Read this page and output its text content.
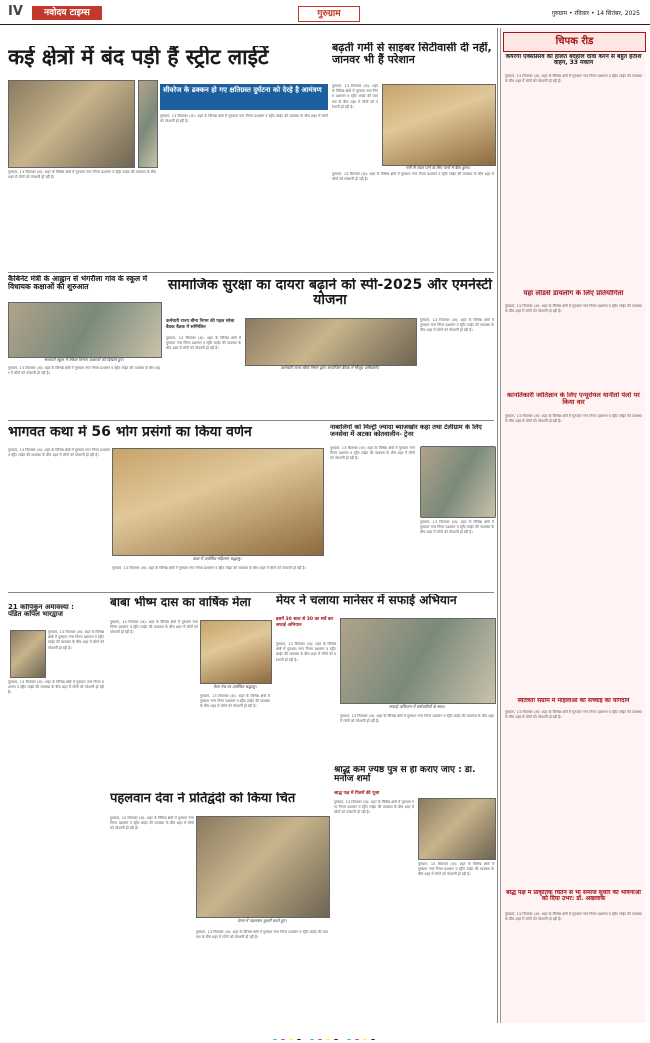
IV	नवोदय टाइम्स	गुरुग्राम	गुरुग्राम • रविवार • 14 सितंबर, 2025
कई क्षेत्रों में बंद पड़ी हैं स्ट्रीट लाईटें
गुरुग्राम, 13 सितम्बर (अ): शहर के विभिन्न क्षेत्रों में गुरुग्राम नगर निगम प्रशासन व स्ट्रीट लाईट की व्यवस्था के बीच शहर में लोगों को परेशानी हो रही है।
सीवरेज के ढक्कन हो गए क्षतिग्रस्त दुर्घटना को देरहे है आमंत्रण
गुरुग्राम, 13 सितम्बर (अ): शहर के विभिन्न क्षेत्रों में गुरुग्राम नगर निगम प्रशासन व स्ट्रीट लाईट की व्यवस्था के बीच शहर में लोगों को परेशानी हो रही है।
बढ़ती गर्मी से साइबर सिटीवासी दी नहीं, जानवर भी हैं परेशान
गुरुग्राम, 13 सितम्बर (अ): शहर के विभिन्न क्षेत्रों में गुरुग्राम नगर निगम प्रशासन व स्ट्रीट लाईट की व्यवस्था के बीच शहर में लोगों को परेशानी हो रही है।
गर्मी से राहत पाने के लिए पानी में बैठा कुत्ता।
गुरुग्राम, 13 सितम्बर (अ): शहर के विभिन्न क्षेत्रों में गुरुग्राम नगर निगम प्रशासन व स्ट्रीट लाईट की व्यवस्था के बीच शहर में लोगों को परेशानी हो रही है।
कैबिनेट मंत्री के आह्वान से भंगरौला गांव के स्कूल में विधायक कक्षाओं की शुरुआत
सरकारी स्कूल में स्किल विभाग कक्षाओं को दिखाते हुए।
गुरुग्राम, 13 सितम्बर (अ): शहर के विभिन्न क्षेत्रों में गुरुग्राम नगर निगम प्रशासन व स्ट्रीट लाईट की व्यवस्था के बीच शहर में लोगों को परेशानी हो रही है।
सामाजिक सुरक्षा का दायरा बढ़ाने को स्पी-2025 और एमनेस्टी योजना
कर्मचारी राज्य बीमा निगम की पहल सोसा बैठक बैठक में सम्मिलित
गुरुग्राम, 13 सितम्बर (अ): शहर के विभिन्न क्षेत्रों में गुरुग्राम नगर निगम प्रशासन व स्ट्रीट लाईट की व्यवस्था के बीच शहर में लोगों को परेशानी हो रही है।
कर्मचारी राज्य बीमा निगम द्वारा आयोजित बैठक में मौजूद अधिकारी।
गुरुग्राम, 13 सितम्बर (अ): शहर के विभिन्न क्षेत्रों में गुरुग्राम नगर निगम प्रशासन व स्ट्रीट लाईट की व्यवस्था के बीच शहर में लोगों को परेशानी हो रही है।
भागवत कथा में 56 भोग प्रसंगों का किया वर्णन
गुरुग्राम, 13 सितम्बर (अ): शहर के विभिन्न क्षेत्रों में गुरुग्राम नगर निगम प्रशासन व स्ट्रीट लाईट की व्यवस्था के बीच शहर में लोगों को परेशानी हो रही है।
कथा में उपस्थित महिलाएं श्रद्धालु।
गुरुग्राम, 13 सितम्बर (अ): शहर के विभिन्न क्षेत्रों में गुरुग्राम नगर निगम प्रशासन व स्ट्रीट लाईट की व्यवस्था के बीच शहर में लोगों को परेशानी हो रही है।
नाबालिगों को मिल्ट्री ज्यादा ब्याजखोर कहा तथा टेलीग्राम के लिए जनसेवा में अटका कोतवालीन- ट्रेनर
गुरुग्राम, 13 सितम्बर (अ): शहर के विभिन्न क्षेत्रों में गुरुग्राम नगर निगम प्रशासन व स्ट्रीट लाईट की व्यवस्था के बीच शहर में लोगों को परेशानी हो रही है।
गुरुग्राम, 13 सितम्बर (अ): शहर के विभिन्न क्षेत्रों में गुरुग्राम नगर निगम प्रशासन व स्ट्रीट लाईट की व्यवस्था के बीच शहर में लोगों को परेशानी हो रही है।
21 कोपिकुन अमावस्या : पंडित कपिल भारद्वाज
गुरुग्राम, 13 सितम्बर (अ): शहर के विभिन्न क्षेत्रों में गुरुग्राम नगर निगम प्रशासन व स्ट्रीट लाईट की व्यवस्था के बीच शहर में लोगों को परेशानी हो रही है।
गुरुग्राम, 13 सितम्बर (अ): शहर के विभिन्न क्षेत्रों में गुरुग्राम नगर निगम प्रशासन व स्ट्रीट लाईट की व्यवस्था के बीच शहर में लोगों को परेशानी हो रही है।
बाबा भीष्म दास का वार्षिक मेला
गुरुग्राम, 13 सितम्बर (अ): शहर के विभिन्न क्षेत्रों में गुरुग्राम नगर निगम प्रशासन व स्ट्रीट लाईट की व्यवस्था के बीच शहर में लोगों को परेशानी हो रही है।
मेला मंच पर उपस्थित श्रद्धालु।
गुरुग्राम, 13 सितम्बर (अ): शहर के विभिन्न क्षेत्रों में गुरुग्राम नगर निगम प्रशासन व स्ट्रीट लाईट की व्यवस्था के बीच शहर में लोगों को परेशानी हो रही है।
मेयर ने चलाया मानेसर में सफाई अभियान
इसमें 30 साल से 30 का सर्वे कर सफाई अभियान
गुरुग्राम, 13 सितम्बर (अ): शहर के विभिन्न क्षेत्रों में गुरुग्राम नगर निगम प्रशासन व स्ट्रीट लाईट की व्यवस्था के बीच शहर में लोगों को परेशानी हो रही है।
सफाई अभियान में कर्मचारियों के साथ।
गुरुग्राम, 13 सितम्बर (अ): शहर के विभिन्न क्षेत्रों में गुरुग्राम नगर निगम प्रशासन व स्ट्रीट लाईट की व्यवस्था के बीच शहर में लोगों को परेशानी हो रही है।
पहलवान देवा ने प्रतिद्वंदी को किया चित
गुरुग्राम, 13 सितम्बर (अ): शहर के विभिन्न क्षेत्रों में गुरुग्राम नगर निगम प्रशासन व स्ट्रीट लाईट की व्यवस्था के बीच शहर में लोगों को परेशानी हो रही है।
दंगल में पहलवान कुश्ती करते हुए।
गुरुग्राम, 13 सितम्बर (अ): शहर के विभिन्न क्षेत्रों में गुरुग्राम नगर निगम प्रशासन व स्ट्रीट लाईट की व्यवस्था के बीच शहर में लोगों को परेशानी हो रही है।
श्राद्ध कर्म ज्येष्ठ पुत्र से ही कराए जाएं : डॉ. मनोज शर्मा
श्राद्ध पक्ष में पितरों की पूजा
गुरुग्राम, 13 सितम्बर (अ): शहर के विभिन्न क्षेत्रों में गुरुग्राम नगर निगम प्रशासन व स्ट्रीट लाईट की व्यवस्था के बीच शहर में लोगों को परेशानी हो रही है।
गुरुग्राम, 13 सितम्बर (अ): शहर के विभिन्न क्षेत्रों में गुरुग्राम नगर निगम प्रशासन व स्ट्रीट लाईट की व्यवस्था के बीच शहर में लोगों को परेशानी हो रही है।
चिपक रीड
केयरगी एक्सप्रेसवे की हालत बदहाल दावा करने से बहुत हताश वाहन, 33 मकान
गुरुग्राम, 13 सितम्बर (अ): शहर के विभिन्न क्षेत्रों में गुरुग्राम नगर निगम प्रशासन व स्ट्रीट लाईट की व्यवस्था के बीच शहर में लोगों को परेशानी हो रही है।
यहां लीडर्स डायलॉग के लिए प्रतियोगिता
गुरुग्राम, 13 सितम्बर (अ): शहर के विभिन्न क्षेत्रों में गुरुग्राम नगर निगम प्रशासन व स्ट्रीट लाईट की व्यवस्था के बीच शहर में लोगों को परेशानी हो रही है।
कानतिकारी जांतिज्ञान के लिए एन्यूरोयल यानीतो पेलों पर किया वार
गुरुग्राम, 13 सितम्बर (अ): शहर के विभिन्न क्षेत्रों में गुरुग्राम नगर निगम प्रशासन व स्ट्रीट लाईट की व्यवस्था के बीच शहर में लोगों को परेशानी हो रही है।
स्वतंत्रता संग्राम में महिलाओं की सच्चाई का योगदान
गुरुग्राम, 13 सितम्बर (अ): शहर के विभिन्न क्षेत्रों में गुरुग्राम नगर निगम प्रशासन व स्ट्रीट लाईट की व्यवस्था के बीच शहर में लोगों को परेशानी हो रही है।
बौद्ध पक्ष में प्राकृतिक चिंतन से भी समाज सुधार की भावनाओं को दिया उभर: डॉ. अखलाक
गुरुग्राम, 13 सितम्बर (अ): शहर के विभिन्न क्षेत्रों में गुरुग्राम नगर निगम प्रशासन व स्ट्रीट लाईट की व्यवस्था के बीच शहर में लोगों को परेशानी हो रही है।
